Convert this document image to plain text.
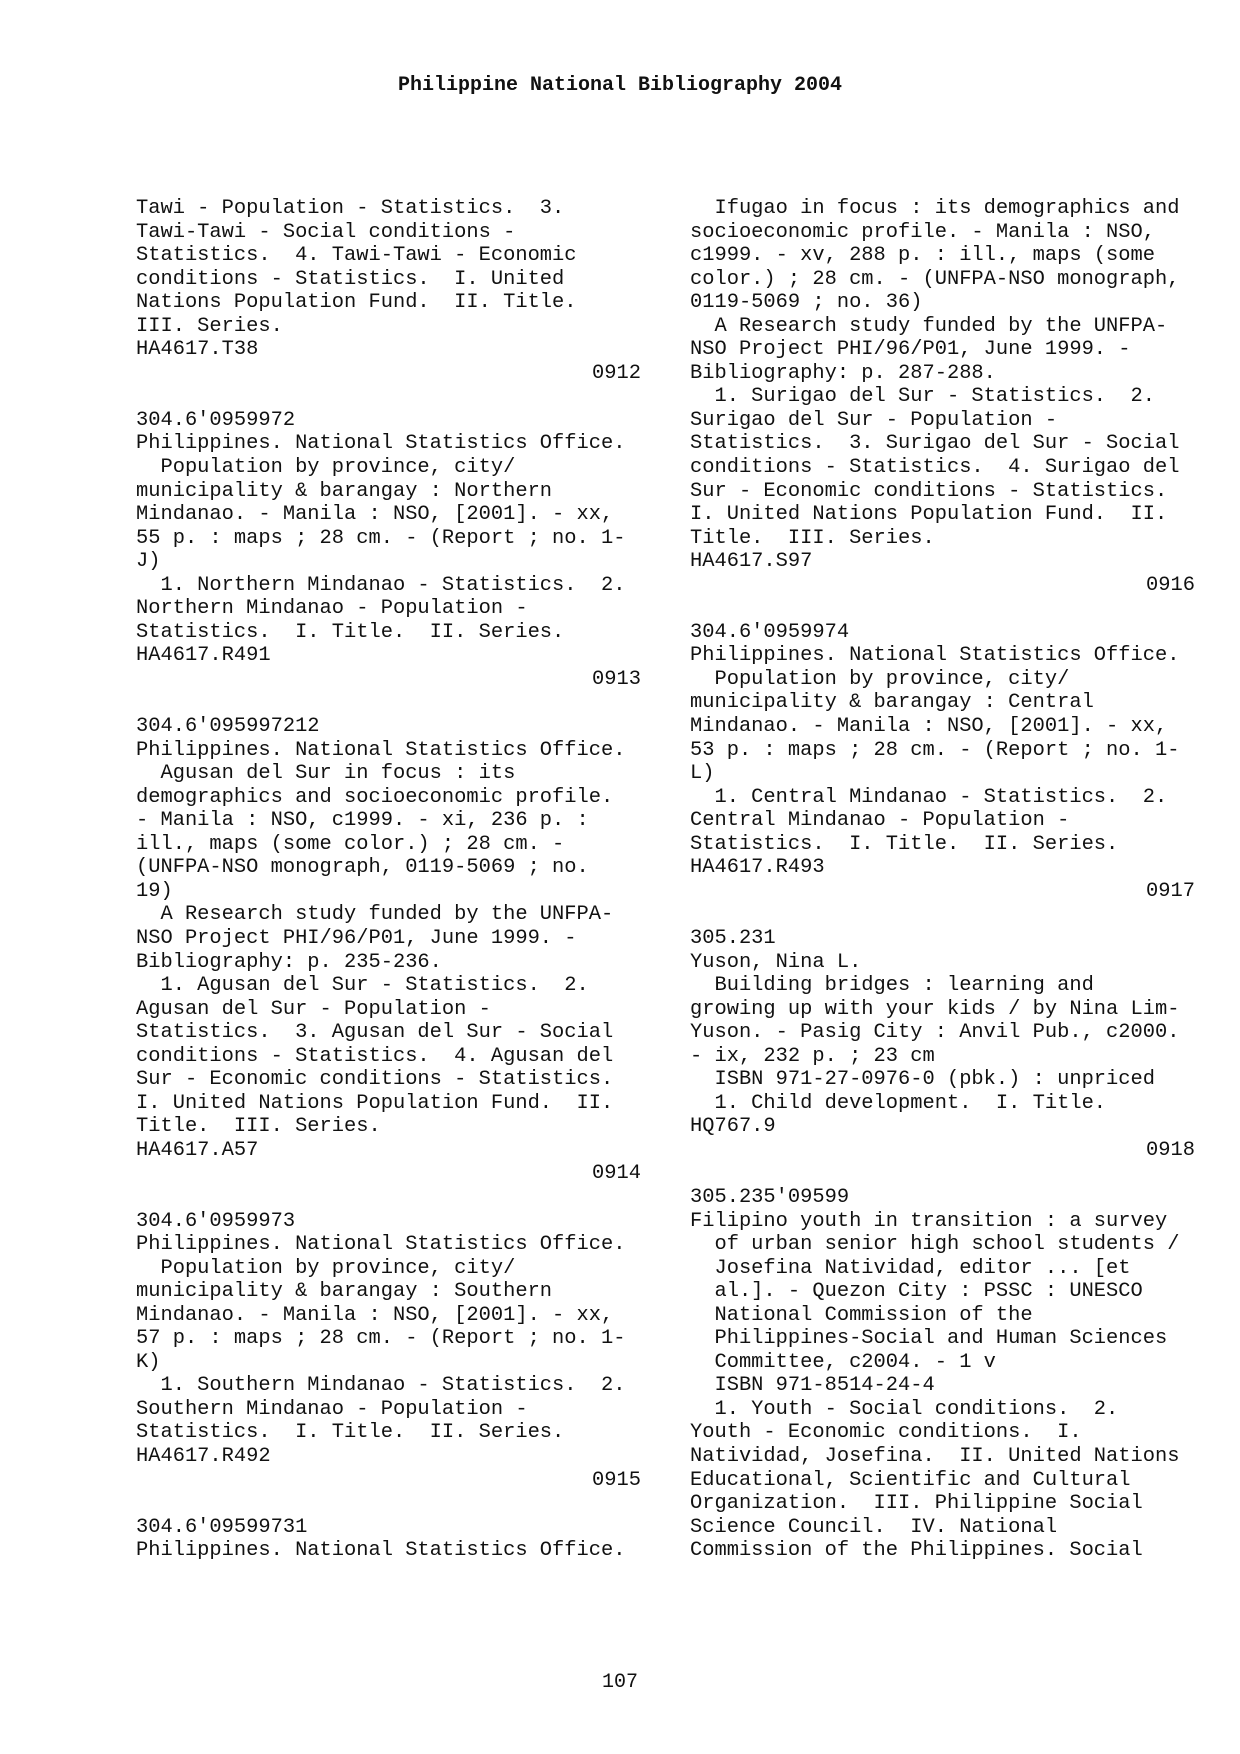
Philippine National Bibliography 2004
Tawi - Population - Statistics.  3.
Tawi-Tawi - Social conditions -
Statistics.  4. Tawi-Tawi - Economic
conditions - Statistics.  I. United
Nations Population Fund.  II. Title.
III. Series.
HA4617.T38
0912
304.6'0959972
Philippines. National Statistics Office.
Population by province, city/
municipality & barangay : Northern
Mindanao. - Manila : NSO, [2001]. - xx,
55 p. : maps ; 28 cm. - (Report ; no. 1-
J)
1. Northern Mindanao - Statistics.  2.
Northern Mindanao - Population -
Statistics.  I. Title.  II. Series.
HA4617.R491
0913
304.6'095997212
Philippines. National Statistics Office.
Agusan del Sur in focus : its
demographics and socioeconomic profile.
- Manila : NSO, c1999. - xi, 236 p. :
ill., maps (some color.) ; 28 cm. -
(UNFPA-NSO monograph, 0119-5069 ; no.
19)
A Research study funded by the UNFPA-
NSO Project PHI/96/P01, June 1999. -
Bibliography: p. 235-236.
1. Agusan del Sur - Statistics.  2.
Agusan del Sur - Population -
Statistics.  3. Agusan del Sur - Social
conditions - Statistics.  4. Agusan del
Sur - Economic conditions - Statistics.
I. United Nations Population Fund.  II.
Title.  III. Series.
HA4617.A57
0914
304.6'0959973
Philippines. National Statistics Office.
Population by province, city/
municipality & barangay : Southern
Mindanao. - Manila : NSO, [2001]. - xx,
57 p. : maps ; 28 cm. - (Report ; no. 1-
K)
1. Southern Mindanao - Statistics.  2.
Southern Mindanao - Population -
Statistics.  I. Title.  II. Series.
HA4617.R492
0915
304.6'09599731
Philippines. National Statistics Office.
Ifugao in focus : its demographics and
socioeconomic profile. - Manila : NSO,
c1999. - xv, 288 p. : ill., maps (some
color.) ; 28 cm. - (UNFPA-NSO monograph,
0119-5069 ; no. 36)
A Research study funded by the UNFPA-
NSO Project PHI/96/P01, June 1999. -
Bibliography: p. 287-288.
1. Surigao del Sur - Statistics.  2.
Surigao del Sur - Population -
Statistics.  3. Surigao del Sur - Social
conditions - Statistics.  4. Surigao del
Sur - Economic conditions - Statistics.
I. United Nations Population Fund.  II.
Title.  III. Series.
HA4617.S97
0916
304.6'0959974
Philippines. National Statistics Office.
Population by province, city/
municipality & barangay : Central
Mindanao. - Manila : NSO, [2001]. - xx,
53 p. : maps ; 28 cm. - (Report ; no. 1-
L)
1. Central Mindanao - Statistics.  2.
Central Mindanao - Population -
Statistics.  I. Title.  II. Series.
HA4617.R493
0917
305.231
Yuson, Nina L.
Building bridges : learning and
growing up with your kids / by Nina Lim-
Yuson. - Pasig City : Anvil Pub., c2000.
- ix, 232 p. ; 23 cm
ISBN 971-27-0976-0 (pbk.) : unpriced
1. Child development.  I. Title.
HQ767.9
0918
305.235'09599
Filipino youth in transition : a survey
of urban senior high school students /
Josefina Natividad, editor ... [et
al.]. - Quezon City : PSSC : UNESCO
National Commission of the
Philippines-Social and Human Sciences
Committee, c2004. - 1 v
ISBN 971-8514-24-4
1. Youth - Social conditions.  2.
Youth - Economic conditions.  I.
Natividad, Josefina.  II. United Nations
Educational, Scientific and Cultural
Organization.  III. Philippine Social
Science Council.  IV. National
Commission of the Philippines. Social
107
